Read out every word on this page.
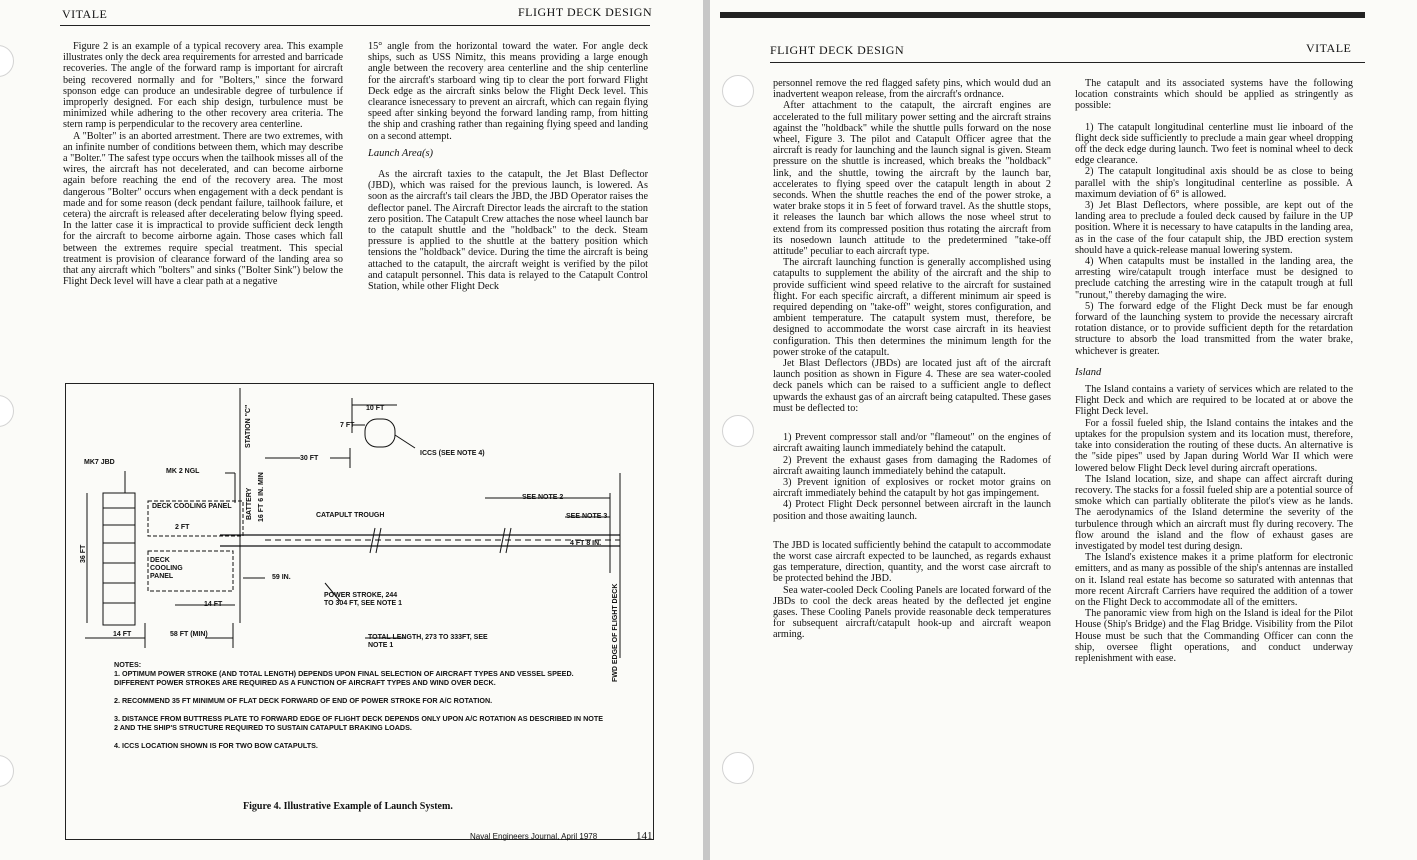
VITALE	FLIGHT DECK DESIGN

Figure 2 is an example of a typical recovery area. This example illustrates only the deck area requirements for arrested and barricade recoveries. The angle of the forward ramp is important for aircraft being recovered normally and for "Bolters," since the forward sponson edge can produce an undesirable degree of turbulence if improperly designed. For each ship design, turbulence must be minimized while adhering to the other recovery area criteria. The stern ramp is perpendicular to the recovery area centerline.

A "Bolter" is an aborted arrestment. There are two extremes, with an infinite number of conditions between them, which may describe a "Bolter." The safest type occurs when the tailhook misses all of the wires, the aircraft has not decelerated, and can become airborne again before reaching the end of the recovery area. The most dangerous "Bolter" occurs when engagement with a deck pendant is made and for some reason (deck pendant failure, tailhook failure, et cetera) the aircraft is released after decelerating below flying speed. In the latter case it is impractical to provide sufficient deck length for the aircraft to become airborne again. Those cases which fall between the extremes require special treatment. This special treatment is provision of clearance forward of the landing area so that any aircraft which "bolters" and sinks ("Bolter Sink") below the Flight Deck level will have a clear path at a negative

15° angle from the horizontal toward the water. For angle deck ships, such as USS Nimitz, this means providing a large enough angle between the recovery area centerline and the ship centerline for the aircraft's starboard wing tip to clear the port forward Flight Deck edge as the aircraft sinks below the Flight Deck level. This clearance isnecessary to prevent an aircraft, which can regain flying speed after sinking beyond the forward landing ramp, from hitting the ship and crashing rather than regaining flying speed and landing on a second attempt.

Launch Area(s)

As the aircraft taxies to the catapult, the Jet Blast Deflector (JBD), which was raised for the previous launch, is lowered. As soon as the aircraft's tail clears the JBD, the JBD Operator raises the deflector panel. The Aircraft Director leads the aircraft to the station zero position. The Catapult Crew attaches the nose wheel launch bar to the catapult shuttle and the "holdback" to the deck. Steam pressure is applied to the shuttle at the battery position which tensions the "holdback" device. During the time the aircraft is being attached to the catapult, the aircraft weight is verified by the pilot and catapult personnel. This data is relayed to the Catapult Control Station, while other Flight Deck

STATION "C"	10 FT
7 FT
30 FT
ICCS (SEE NOTE 4)
MK7 JBD
MK 2 NGL
BATTERY 16 FT 6 IN. MIN
DECK COOLING PANEL
2 FT
CATAPULT TROUGH
SEE NOTE 2
SEE NOTE 3
4 FT 8 IN.
36 FT	DECK COOLING PANEL	59 IN.
POWER STROKE, 244 TO 304 FT, SEE NOTE 1
14 FT
14 FT	58 FT (MIN)	TOTAL LENGTH, 273 TO 333FT, SEE NOTE 1	FWD EDGE OF FLIGHT DECK
NOTES:
1. OPTIMUM POWER STROKE (AND TOTAL LENGTH) DEPENDS UPON FINAL SELECTION OF AIRCRAFT TYPES AND VESSEL SPEED. DIFFERENT POWER STROKES ARE REQUIRED AS A FUNCTION OF AIRCRAFT TYPES AND WIND OVER DECK.
2. RECOMMEND 35 FT MINIMUM OF FLAT DECK FORWARD OF END OF POWER STROKE FOR A/C ROTATION.
3. DISTANCE FROM BUTTRESS PLATE TO FORWARD EDGE OF FLIGHT DECK DEPENDS ONLY UPON A/C ROTATION AS DESCRIBED IN NOTE 2 AND THE SHIP'S STRUCTURE REQUIRED TO SUSTAIN CATAPULT BRAKING LOADS.
4. ICCS LOCATION SHOWN IS FOR TWO BOW CATAPULTS.
Figure 4. Illustrative Example of Launch System.
Naval Engineers Journal, April 1978	141
FLIGHT DECK DESIGN	VITALE

personnel remove the red flagged safety pins, which would dud an inadvertent weapon release, from the aircraft's ordnance.

After attachment to the catapult, the aircraft engines are accelerated to the full military power setting and the aircraft strains against the "holdback" while the shuttle pulls forward on the nose wheel, Figure 3. The pilot and Catapult Officer agree that the aircraft is ready for launching and the launch signal is given. Steam pressure on the shuttle is increased, which breaks the "holdback" link, and the shuttle, towing the aircraft by the launch bar, accelerates to flying speed over the catapult length in about 2 seconds. When the shuttle reaches the end of the power stroke, a water brake stops it in 5 feet of forward travel. As the shuttle stops, it releases the launch bar which allows the nose wheel strut to extend from its compressed position thus rotating the aircraft from its nosedown launch attitude to the predetermined "take-off attitude" peculiar to each aircraft type.

The aircraft launching function is generally accomplished using catapults to supplement the ability of the aircraft and the ship to provide sufficient wind speed relative to the aircraft for sustained flight. For each specific aircraft, a different minimum air speed is required depending on "take-off" weight, stores configuration, and ambient temperature. The catapult system must, therefore, be designed to accommodate the worst case aircraft in its heaviest configuration. This then determines the minimum length for the power stroke of the catapult.

Jet Blast Deflectors (JBDs) are located just aft of the aircraft launch position as shown in Figure 4. These are sea water-cooled deck panels which can be raised to a sufficient angle to deflect upwards the exhaust gas of an aircraft being catapulted. These gases must be deflected to:

1) Prevent compressor stall and/or "flameout" on the engines of aircraft awaiting launch immediately behind the catapult.

2) Prevent the exhaust gases from damaging the Radomes of aircraft awaiting launch immediately behind the catapult.

3) Prevent ignition of explosives or rocket motor grains on aircraft immediately behind the catapult by hot gas impingement.

4) Protect Flight Deck personnel between aircraft in the launch position and those awaiting launch.

The JBD is located sufficiently behind the catapult to accommodate the worst case aircraft expected to be launched, as regards exhaust gas temperature, direction, quantity, and the worst case aircraft to be protected behind the JBD.

Sea water-cooled Deck Cooling Panels are located forward of the JBDs to cool the deck areas heated by the deflected jet engine gases. These Cooling Panels provide reasonable deck temperatures for subsequent aircraft/catapult hook-up and aircraft weapon arming.

The catapult and its associated systems have the following location constraints which should be applied as stringently as possible:

1) The catapult longitudinal centerline must lie inboard of the flight deck side sufficiently to preclude a main gear wheel dropping off the deck edge during launch. Two feet is nominal wheel to deck edge clearance.

2) The catapult longitudinal axis should be as close to being parallel with the ship's longitudinal centerline as possible. A maximum deviation of 6° is allowed.

3) Jet Blast Deflectors, where possible, are kept out of the landing area to preclude a fouled deck caused by failure in the UP position. Where it is necessary to have catapults in the landing area, as in the case of the four catapult ship, the JBD erection system should have a quick-release manual lowering system.

4) When catapults must be installed in the landing area, the arresting wire/catapult trough interface must be designed to preclude catching the arresting wire in the catapult trough at full "runout," thereby damaging the wire.

5) The forward edge of the Flight Deck must be far enough forward of the launching system to provide the necessary aircraft rotation distance, or to provide sufficient depth for the retardation structure to absorb the load transmitted from the water brake, whichever is greater.

Island

The Island contains a variety of services which are related to the Flight Deck and which are required to be located at or above the Flight Deck level.

For a fossil fueled ship, the Island contains the intakes and the uptakes for the propulsion system and its location must, therefore, take into consideration the routing of these ducts. An alternative is the "side pipes" used by Japan during World War II which were lowered below Flight Deck level during aircraft operations.

The Island location, size, and shape can affect aircraft during recovery. The stacks for a fossil fueled ship are a potential source of smoke which can partially obliterate the pilot's view as he lands. The aerodynamics of the Island determine the severity of the turbulence through which an aircraft must fly during recovery. The flow around the island and the flow of exhaust gases are investigated by model test during design.

The Island's existence makes it a prime platform for electronic emitters, and as many as possible of the ship's antennas are installed on it. Island real estate has become so saturated with antennas that more recent Aircraft Carriers have required the addition of a tower on the Flight Deck to accommodate all of the emitters.

The panoramic view from high on the Island is ideal for the Pilot House (Ship's Bridge) and the Flag Bridge. Visibility from the Pilot House must be such that the Commanding Officer can conn the ship, oversee flight operations, and conduct underway replenishment with ease.
